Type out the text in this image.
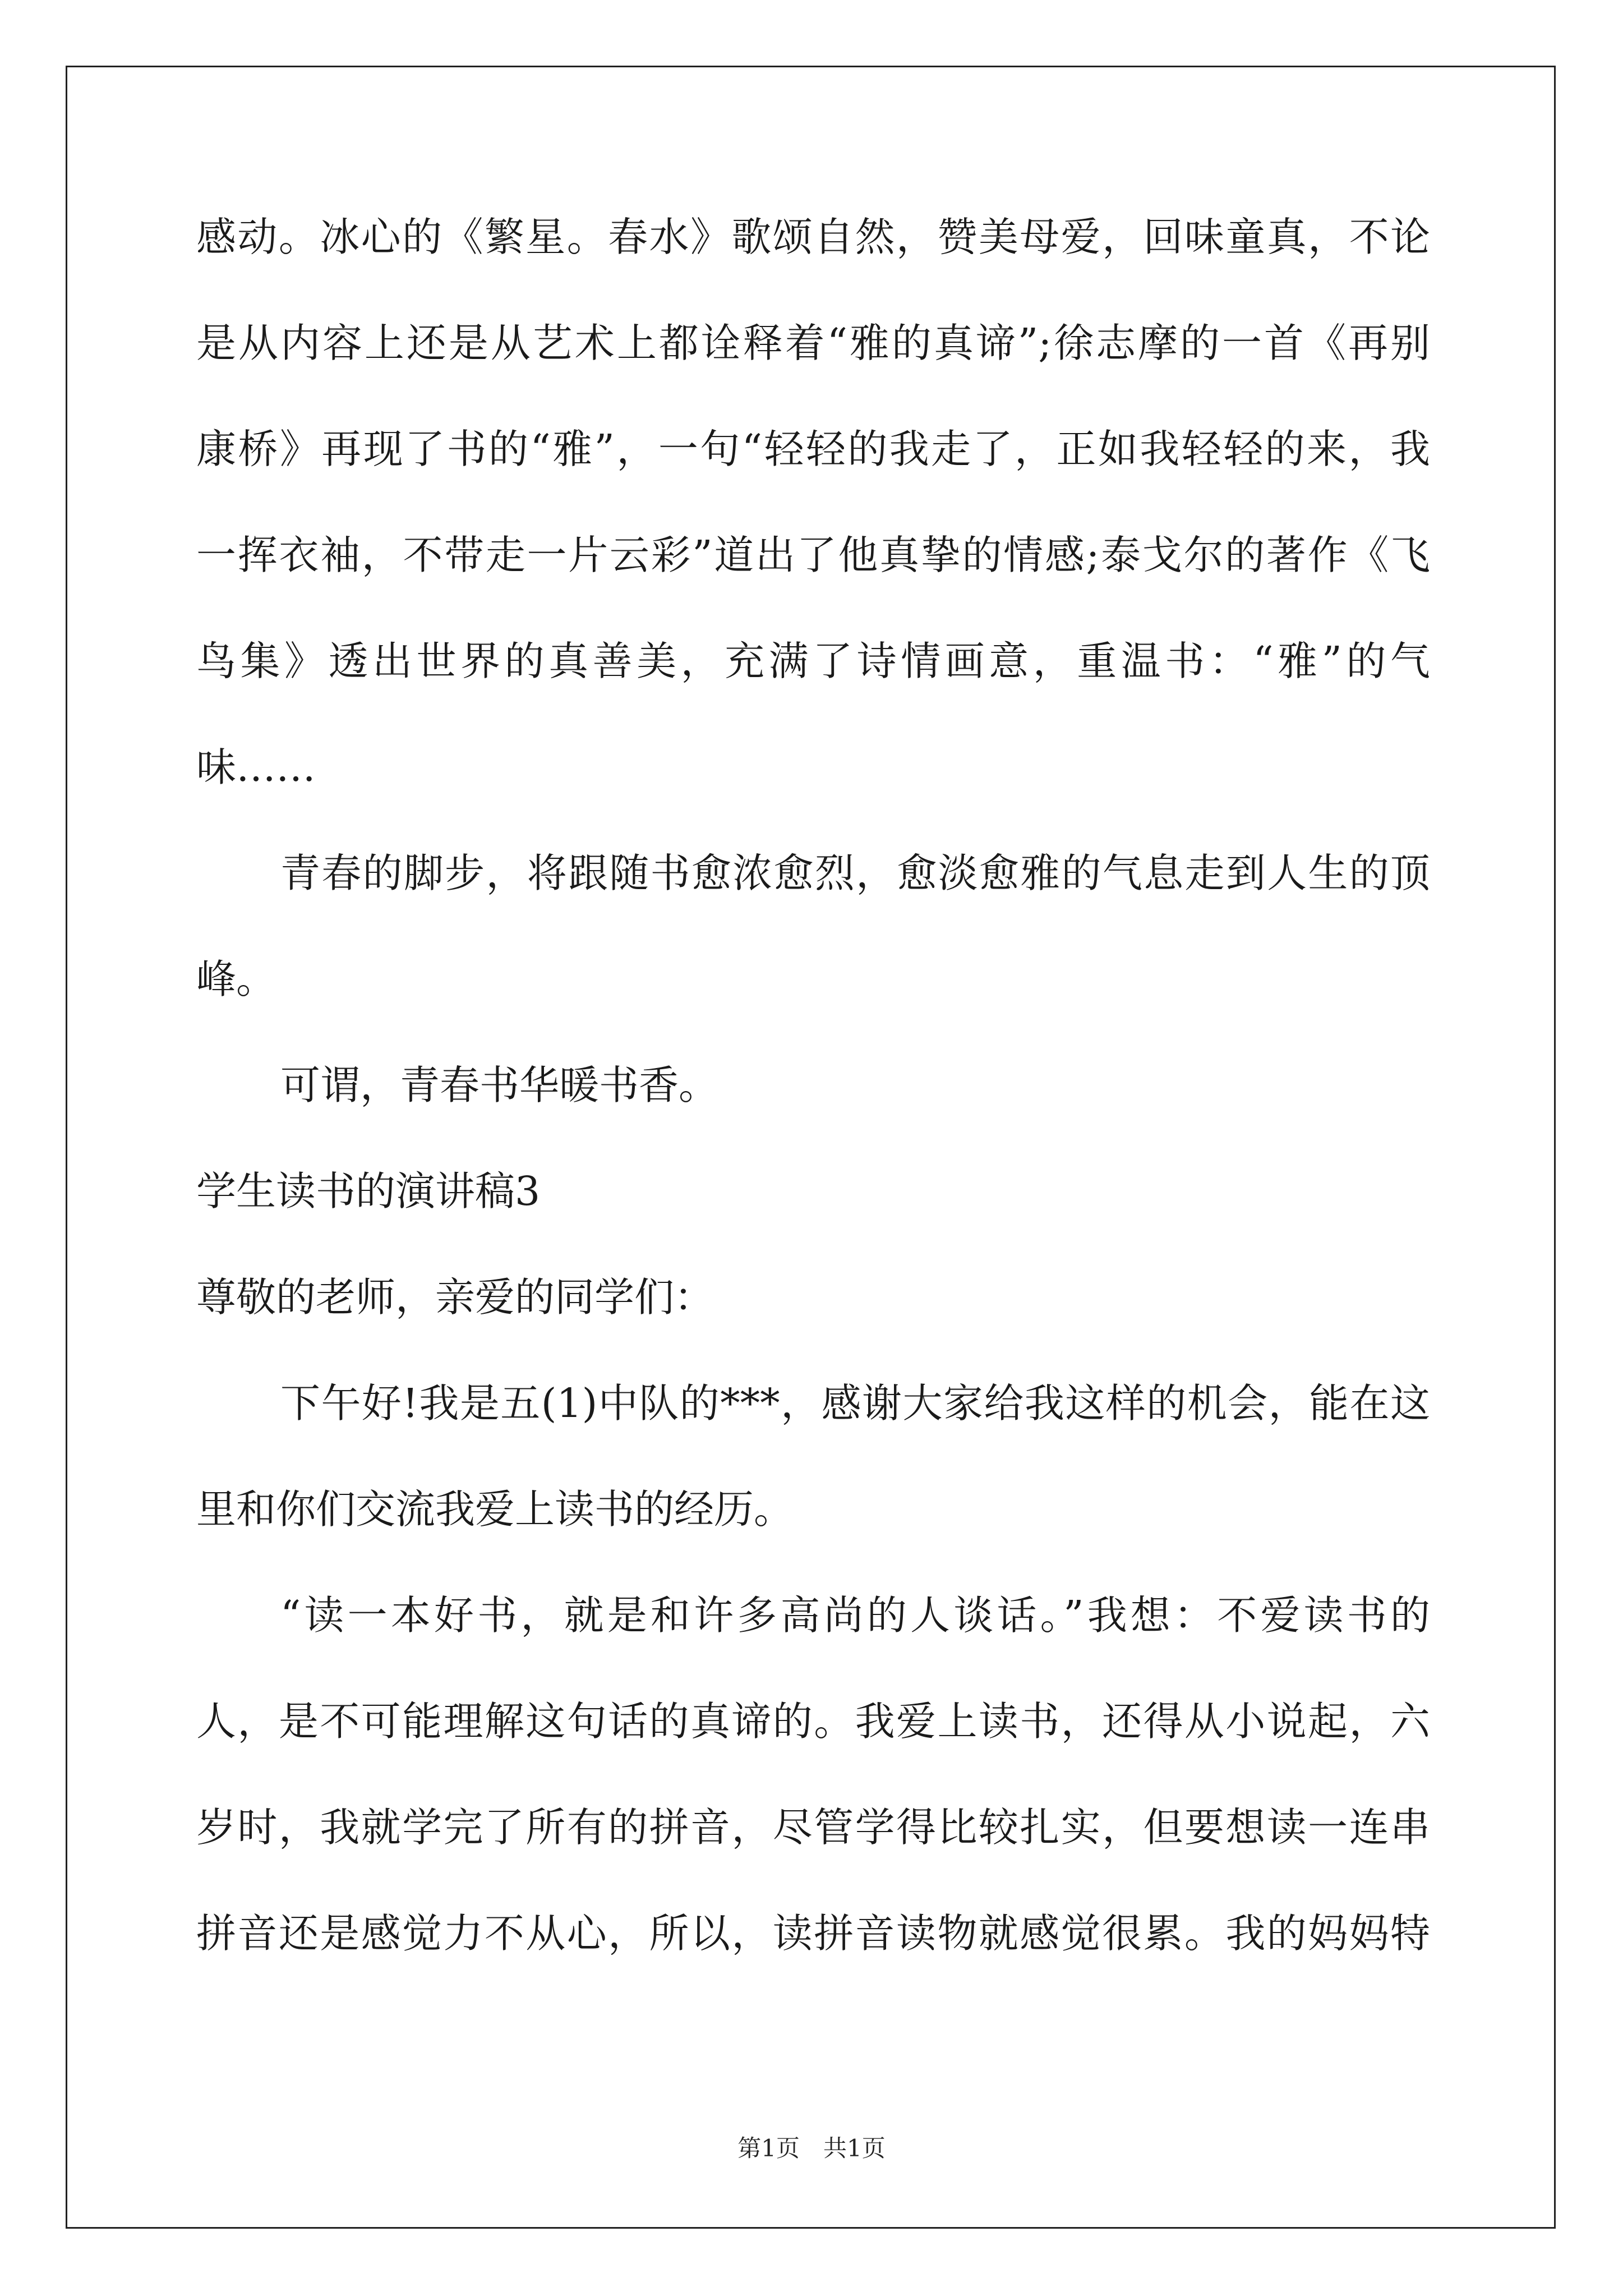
感动。冰心的《繁星。春水》歌颂自然，赞美母爱，回味童真，不论
是从内容上还是从艺术上都诠释着“雅的真谛”;徐志摩的一首《再别
康桥》再现了书的“雅”，一句“轻轻的我走了，正如我轻轻的来，我
一挥衣袖，不带走一片云彩”道出了他真挚的情感;泰戈尔的著作《飞
鸟集》透出世界的真善美，充满了诗情画意，重温书：“雅”的气
味……
青春的脚步，将跟随书愈浓愈烈，愈淡愈雅的气息走到人生的顶
峰。
可谓，青春书华暖书香。
学生读书的演讲稿3
尊敬的老师，亲爱的同学们：
下午好!我是五(1)中队的***，感谢大家给我这样的机会，能在这
里和你们交流我爱上读书的经历。
“读一本好书，就是和许多高尚的人谈话。”我想：不爱读书的
人，是不可能理解这句话的真谛的。我爱上读书，还得从小说起，六
岁时，我就学完了所有的拼音，尽管学得比较扎实，但要想读一连串
拼音还是感觉力不从心，所以，读拼音读物就感觉很累。我的妈妈特
第1页　共1页
